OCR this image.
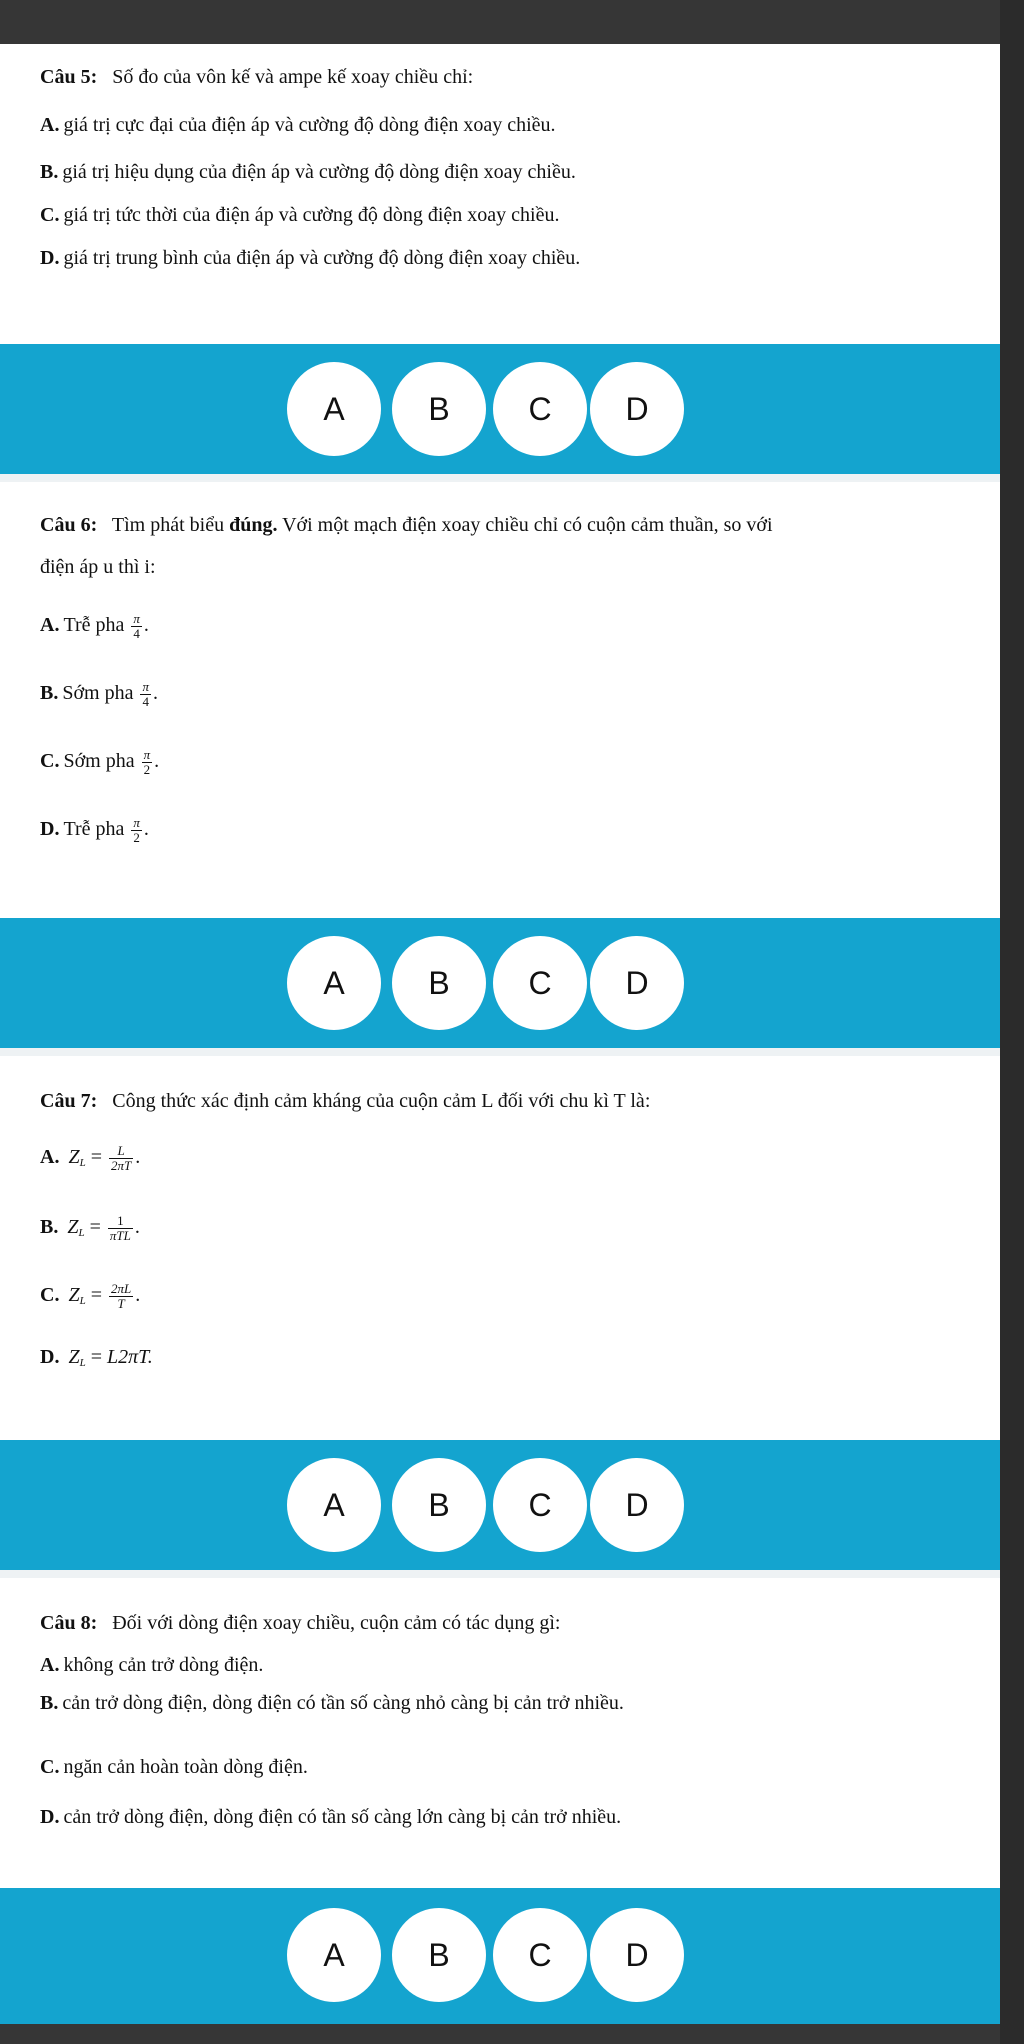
Câu 5: Số đo của vôn kế và ampe kế xoay chiều chỉ:
A. giá trị cực đại của điện áp và cường độ dòng điện xoay chiều.
B. giá trị hiệu dụng của điện áp và cường độ dòng điện xoay chiều.
C. giá trị tức thời của điện áp và cường độ dòng điện xoay chiều.
D. giá trị trung bình của điện áp và cường độ dòng điện xoay chiều.
A	B	C	D
Câu 6: Tìm phát biểu đúng. Với một mạch điện xoay chiều chỉ có cuộn cảm thuần, so với
điện áp u thì i:
A. Trễ pha $\frac{\pi}{4}$ .
B. Sớm pha $\frac{\pi}{4}$ .
C. Sớm pha $\frac{\pi}{2}$ .
D. Trễ pha $\frac{\pi}{2}$ .
A	B	C	D
Câu 7: Công thức xác định cảm kháng của cuộn cảm L đối với chu kì T là:
A. $Z_L = \frac{L}{2\pi T}$ .
B. $Z_L = \frac{1}{\text{πTL}}$ .
C. $Z_L = \frac{2\pi L}{T}$ .
D. $Z_L = L2\pi T$.
A	B	C	D
Câu 8: Đối với dòng điện xoay chiều, cuộn cảm có tác dụng gì:
A. không cản trở dòng điện.
B. cản trở dòng điện, dòng điện có tần số càng nhỏ càng bị cản trở nhiều.
C. ngăn cản hoàn toàn dòng điện.
D. cản trở dòng điện, dòng điện có tần số càng lớn càng bị cản trở nhiều.
A	B	C	D
